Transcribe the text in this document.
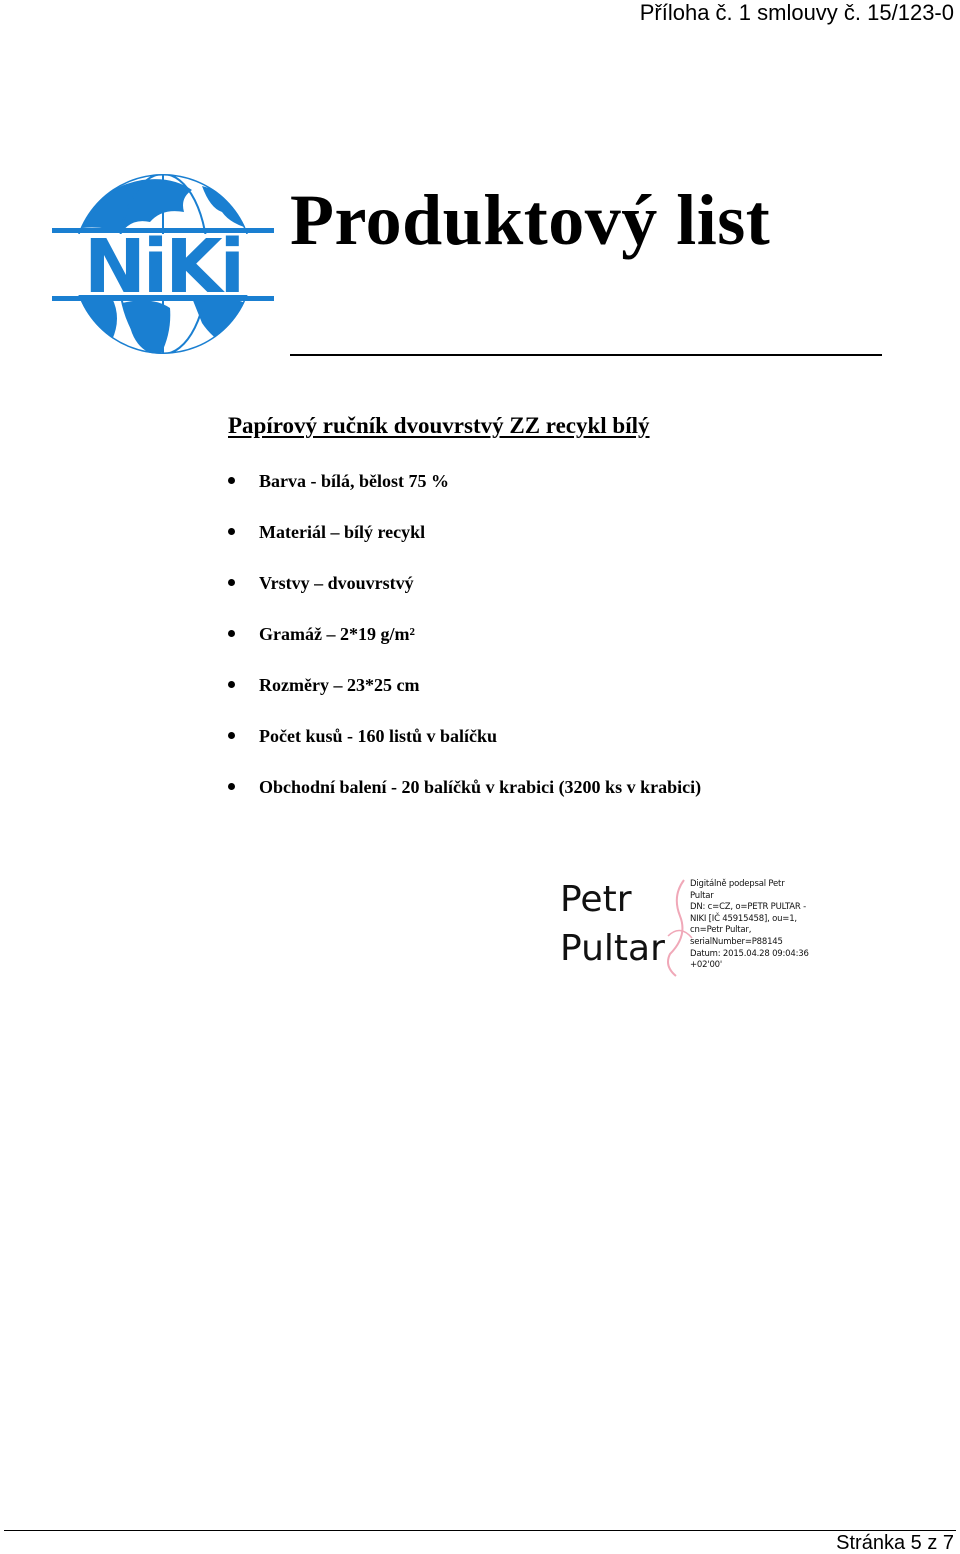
Příloha č. 1 smlouvy č. 15/123-0
NiKi
Produktový list
Papírový ručník dvouvrstvý ZZ recykl bílý
Barva - bílá, bělost 75 %
Materiál – bílý recykl
Vrstvy – dvouvrstvý
Gramáž – 2*19 g/m²
Rozměry – 23*25 cm
Počet kusů - 160 listů v balíčku
Obchodní balení - 20 balíčků v krabici (3200 ks v krabici)
Petr
Pultar
Digitálně podepsal Petr
Pultar
DN: c=CZ, o=PETR PULTAR -
NIKI [IČ 45915458], ou=1,
cn=Petr Pultar,
serialNumber=P88145
Datum: 2015.04.28 09:04:36
+02'00'
Stránka 5 z 7
